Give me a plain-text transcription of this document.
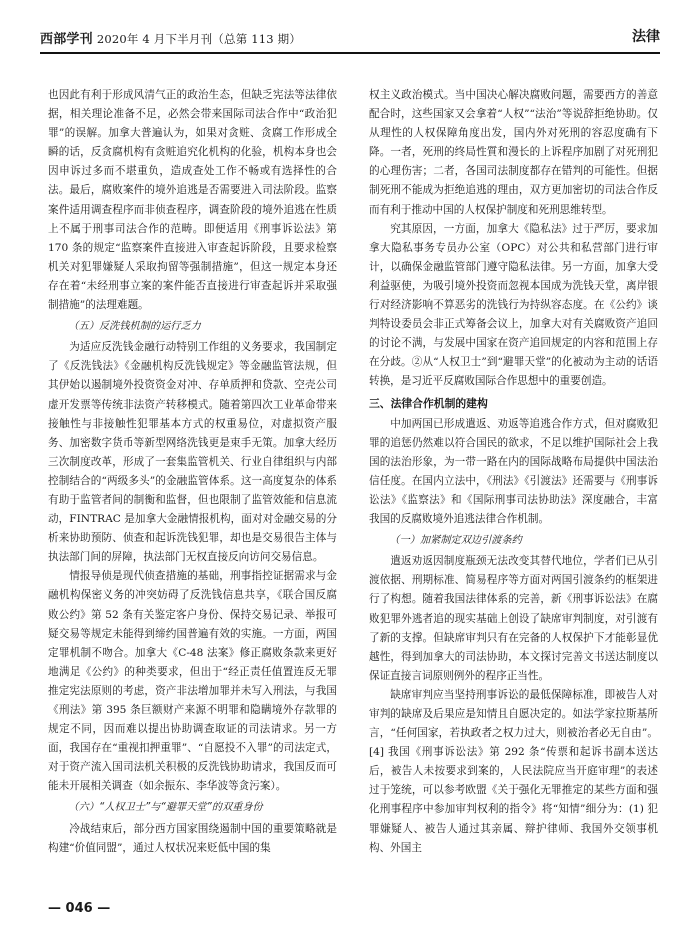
西部学刊 2020年 4 月下半月刊（总第 113 期）	法律

也因此有利于形成风清气正的政治生态，但缺乏宪法等法律依据，相关理论准备不足，必然会带来国际司法合作中“政治犯罪”的误解。加拿大普遍认为，如果对贪赃、贪腐工作形成全瞬的话，反贪腐机构有贪赃追究化机构的化验，机构本身也会因申诉过多而不堪重负，造成查处工作不畅或有选择性的合法。最后，腐败案件的境外追逃是否需要进入司法阶段。监察案件适用调查程序而非侦查程序，调查阶段的境外追逃在性质上不属于刑事司法合作的范畴。即便适用《刑事诉讼法》第 170 条的规定“监察案件直接进入审查起诉阶段，且要求检察机关对犯罪嫌疑人采取拘留等强制措施”，但这一规定本身还存在着“未经刑事立案的案件能否直接进行审查起诉并采取强制措施”的法理难题。

（五）反洗钱机制的运行乏力

为适应反洗钱金融行动特别工作组的义务要求，我国制定了《反洗钱法》《金融机构反洗钱规定》等金融监管法规，但其伊始以遏制境外投资资金对冲、存单质押和贷款、空壳公司虚开发票等传统非法资产转移模式。随着第四次工业革命带来接触性与非接触性犯罪基本方式的权重易位，对虚拟资产服务、加密数字货币等新型网络洗钱更是束手无策。加拿大经历三次制度改革，形成了一套集监管机关、行业自律组织与内部控制结合的“两级多头”的金融监管体系。这一高度复杂的体系有助于监管者间的制衡和监督，但也限制了监管效能和信息流动，FINTRAC 是加拿大金融情报机构，面对对金融交易的分析来协助预防、侦查和起诉洗钱犯罪，却也是交易很告主体与执法部门间的屏障，执法部门无权直接反向访问交易信息。

情报导侦是现代侦查措施的基础，刑事指控证据需求与金融机构保密义务的冲突妨碍了反洗钱信息共享，《联合国反腐败公约》第 52 条有关鉴定客户身份、保持交易记录、举报可疑交易等规定未能得到缔约国普遍有效的实施。一方面，两国定罪机制不吻合。加拿大《C-48 法案》修正腐败条款来更好地满足《公约》的种类要求，但出于“经正责任值置连反无罪推定宪法原则的考虑，资产非法增加罪并未写入刑法，与我国《刑法》第 395 条巨额财产来源不明罪和隐瞒境外存款罪的规定不同，因而难以提出协助调查取证的司法请求。另一方面，我国存在“重视扣押重罪”、“自愿投不入罪”的司法定式，对于资产流入国司法机关积极的反洗钱协助请求，我国反而可能未开展相关调查（如余振东、李华波等贪污案）。

（六）“人权卫士”与“避罪天堂”的双重身份

冷战结束后，部分西方国家围绕遏制中国的重要策略就是构建“价值同盟”，通过人权状况来贬低中国的集

权主义政治模式。当中国决心解决腐败问题，需要西方的善意配合时，这些国家又会拿着“人权”“法治”等说辞拒绝协助。仅从理性的人权保障角度出发，国内外对死刑的容忍度确有下降。一者，死刑的终局性質和漫长的上诉程序加剧了对死刑犯的心理伤害；二者，各国司法制度都存在错判的可能性。但据制死刑不能成为拒绝追逃的理由，双方更加密切的司法合作反而有利于推动中国的人权保护制度和死刑思维转型。

究其原因，一方面，加拿大《隐私法》过于严厉，要求加拿大隐私事务专员办公室（OPC）对公共和私营部门进行审计，以确保金融监管部门遵守隐私法律。另一方面，加拿大受利益驱使，为吸引境外投资而忽视本国成为洗钱天堂，离岸银行对经济影响不算恶劣的洗钱行为持纵容态度。在《公约》谈判特设委员会非正式筹备会议上，加拿大对有关腐败资产追回的讨论不满，与发展中国家在资产追回规定的内容和范围上存在分歧。②从“人权卫士”到“避罪天堂”的化被动为主动的话语转换，是习近平反腐败国际合作思想中的重要创造。

三、法律合作机制的建构

中加两国已形成遣返、劝返等追逃合作方式，但对腐败犯罪的追惩仍然难以符合国民的欲求，不足以维护国际社会上我国的法治形象，为一带一路在内的国际战略布局提供中国法治信任度。在国内立法中，《刑法》《引渡法》还需要与《刑事诉讼法》《监察法》和《国际刑事司法协助法》深度融合，丰富我国的反腐败境外追逃法律合作机制。

（一）加紧制定双边引渡条约

遣返劝返因制度瓶颈无法改变其替代地位，学者们已从引渡依据、刑期标准、简易程序等方面对两国引渡条约的框架进行了构想。随着我国法律体系的完善，新《刑事诉讼法》在腐败犯罪外逃者追的现实基础上创设了缺席审判制度，对引渡有了新的支撑。但缺席审判只有在完备的人权保护下才能彰显优越性，得到加拿大的司法协助，本文探讨完善文书送达制度以保证直接言词原则例外的程序正当性。

缺席审判应当坚持刑事诉讼的最低保障标准，即被告人对审判的缺席及后果应是知情且自愿决定的。如法学家拉斯基所言，“任何国家，若执政者之权力过大，则被治者必无自由”。[4] 我国《刑事诉讼法》第 292 条“传票和起诉书副本送达后，被告人未按要求到案的，人民法院应当开庭审理”的表述过于笼统，可以参考欧盟《关于强化无罪推定的某些方面和强化刑事程序中参加审判权利的指令》将“知情”细分为：(1) 犯罪嫌疑人、被告人通过其亲属、辩护律师、我国外交领事机构、外国主

— 046 —
